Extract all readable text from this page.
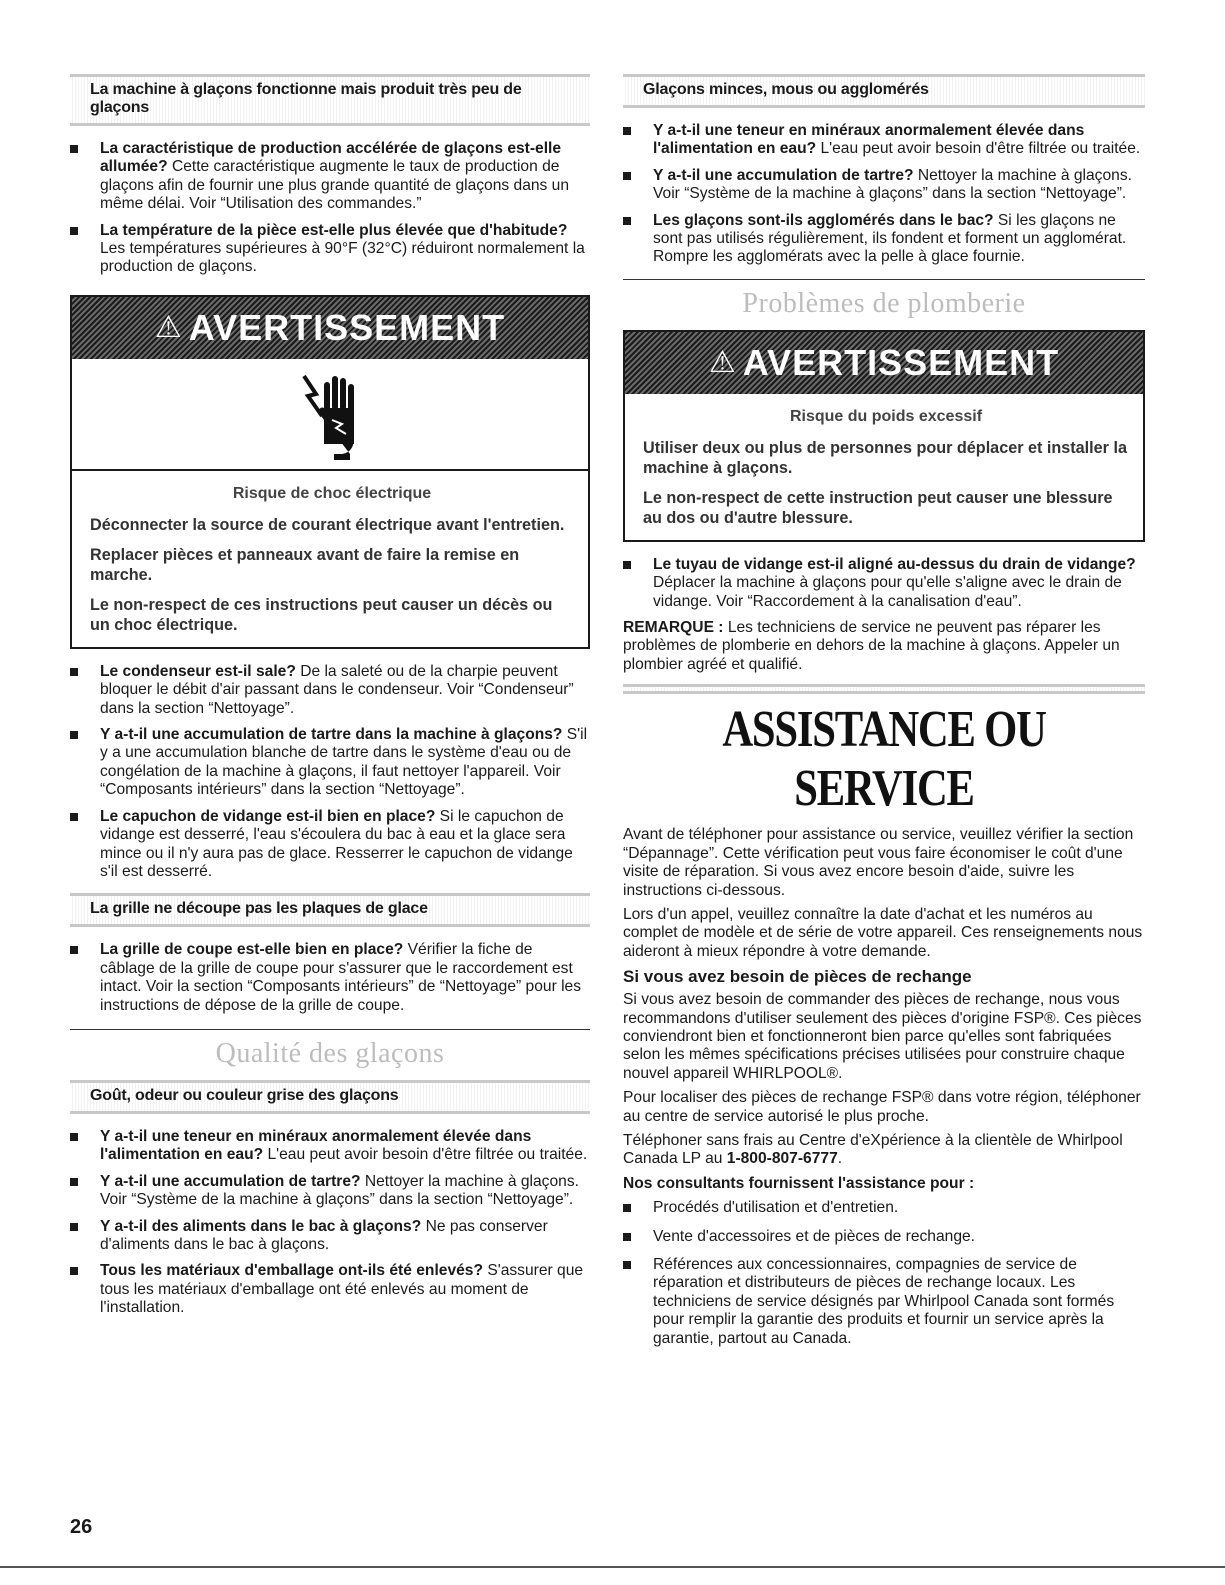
La machine à glaçons fonctionne mais produit très peu de glaçons
La caractéristique de production accélérée de glaçons est-elle allumée? Cette caractéristique augmente le taux de production de glaçons afin de fournir une plus grande quantité de glaçons dans un même délai. Voir “Utilisation des commandes.”
La température de la pièce est-elle plus élevée que d'habitude? Les températures supérieures à 90°F (32°C) réduiront normalement la production de glaçons.
⚠ AVERTISSEMENT
Risque de choc électrique
Déconnecter la source de courant électrique avant l'entretien.
Replacer pièces et panneaux avant de faire la remise en marche.
Le non-respect de ces instructions peut causer un décès ou un choc électrique.
Le condenseur est-il sale? De la saleté ou de la charpie peuvent bloquer le débit d'air passant dans le condenseur. Voir “Condenseur” dans la section “Nettoyage”.
Y a-t-il une accumulation de tartre dans la machine à glaçons? S'il y a une accumulation blanche de tartre dans le système d'eau ou de congélation de la machine à glaçons, il faut nettoyer l'appareil. Voir “Composants intérieurs” dans la section “Nettoyage”.
Le capuchon de vidange est-il bien en place? Si le capuchon de vidange est desserré, l'eau s'écoulera du bac à eau et la glace sera mince ou il n'y aura pas de glace. Resserrer le capuchon de vidange s'il est desserré.
La grille ne découpe pas les plaques de glace
La grille de coupe est-elle bien en place? Vérifier la fiche de câblage de la grille de coupe pour s'assurer que le raccordement est intact. Voir la section “Composants intérieurs” de “Nettoyage” pour les instructions de dépose de la grille de coupe.
Qualité des glaçons
Goût, odeur ou couleur grise des glaçons
Y a-t-il une teneur en minéraux anormalement élevée dans l'alimentation en eau? L'eau peut avoir besoin d'être filtrée ou traitée.
Y a-t-il une accumulation de tartre? Nettoyer la machine à glaçons. Voir “Système de la machine à glaçons” dans la section “Nettoyage”.
Y a-t-il des aliments dans le bac à glaçons? Ne pas conserver d'aliments dans le bac à glaçons.
Tous les matériaux d'emballage ont-ils été enlevés? S'assurer que tous les matériaux d'emballage ont été enlevés au moment de l'installation.
Glaçons minces, mous ou agglomérés
Y a-t-il une teneur en minéraux anormalement élevée dans l'alimentation en eau? L'eau peut avoir besoin d'être filtrée ou traitée.
Y a-t-il une accumulation de tartre? Nettoyer la machine à glaçons. Voir “Système de la machine à glaçons” dans la section “Nettoyage”.
Les glaçons sont-ils agglomérés dans le bac? Si les glaçons ne sont pas utilisés régulièrement, ils fondent et forment un agglomérat. Rompre les agglomérats avec la pelle à glace fournie.
Problèmes de plomberie
⚠ AVERTISSEMENT
Risque du poids excessif
Utiliser deux ou plus de personnes pour déplacer et installer la machine à glaçons.
Le non-respect de cette instruction peut causer une blessure au dos ou d'autre blessure.
Le tuyau de vidange est-il aligné au-dessus du drain de vidange? Déplacer la machine à glaçons pour qu'elle s'aligne avec le drain de vidange. Voir “Raccordement à la canalisation d'eau”.
REMARQUE : Les techniciens de service ne peuvent pas réparer les problèmes de plomberie en dehors de la machine à glaçons. Appeler un plombier agréé et qualifié.
ASSISTANCE OU SERVICE
Avant de téléphoner pour assistance ou service, veuillez vérifier la section “Dépannage”. Cette vérification peut vous faire économiser le coût d'une visite de réparation. Si vous avez encore besoin d'aide, suivre les instructions ci-dessous.
Lors d'un appel, veuillez connaître la date d'achat et les numéros au complet de modèle et de série de votre appareil. Ces renseignements nous aideront à mieux répondre à votre demande.
Si vous avez besoin de pièces de rechange
Si vous avez besoin de commander des pièces de rechange, nous vous recommandons d'utiliser seulement des pièces d'origine FSP®. Ces pièces conviendront bien et fonctionneront bien parce qu'elles sont fabriquées selon les mêmes spécifications précises utilisées pour construire chaque nouvel appareil WHIRLPOOL®.
Pour localiser des pièces de rechange FSP® dans votre région, téléphoner au centre de service autorisé le plus proche.
Téléphoner sans frais au Centre d'eXpérience à la clientèle de Whirlpool Canada LP au 1-800-807-6777.
Nos consultants fournissent l'assistance pour :
Procédés d'utilisation et d'entretien.
Vente d'accessoires et de pièces de rechange.
Références aux concessionnaires, compagnies de service de réparation et distributeurs de pièces de rechange locaux. Les techniciens de service désignés par Whirlpool Canada sont formés pour remplir la garantie des produits et fournir un service après la garantie, partout au Canada.
26
